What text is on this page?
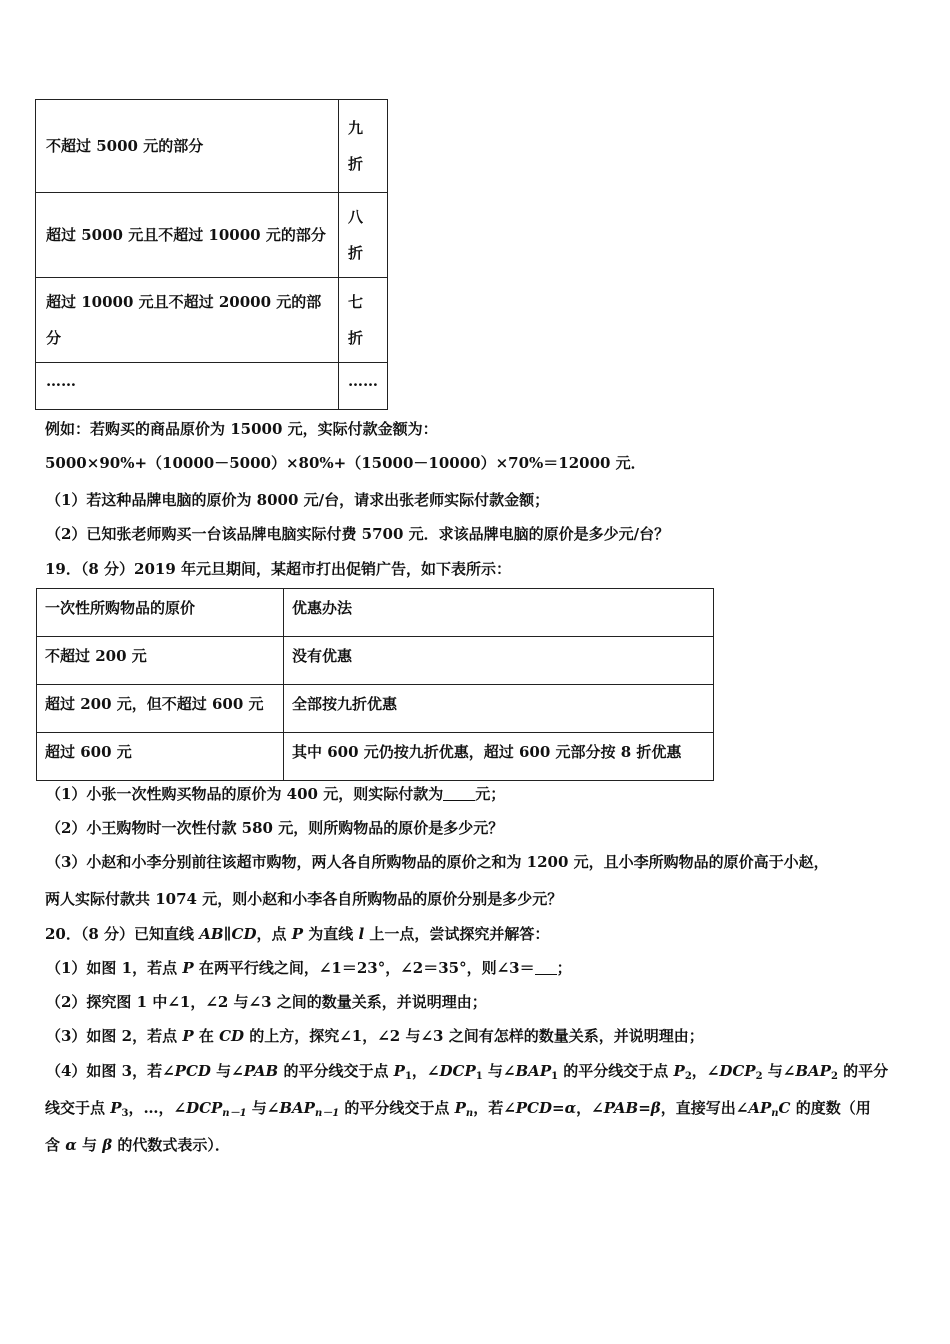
不超过 5000 元的部分	九折

超过 5000 元且不超过 10000 元的部分	八折

超过 10000 元且不超过 20000 元的部分	七折

……	……
例如：若购买的商品原价为 15000 元，实际付款金额为：
5000×90%+（10000－5000）×80%+（15000－10000）×70%＝12000 元．
（1）若这种品牌电脑的原价为 8000 元/台，请求出张老师实际付款金额；
（2）已知张老师购买一台该品牌电脑实际付费 5700 元．求该品牌电脑的原价是多少元/台？
19．（8 分）2019 年元旦期间，某超市打出促销广告，如下表所示：
一次性所购物品的原价	优惠办法
不超过 200 元	没有优惠
超过 200 元，但不超过 600 元	全部按九折优惠
超过 600 元	其中 600 元仍按九折优惠，超过 600 元部分按 8 折优惠
（1）小张一次性购买物品的原价为 400 元，则实际付款为 元；
（2）小王购物时一次性付款 580 元，则所购物品的原价是多少元？
（3）小赵和小李分别前往该超市购物，两人各自所购物品的原价之和为 1200 元，且小李所购物品的原价高于小赵，
两人实际付款共 1074 元，则小赵和小李各自所购物品的原价分别是多少元？
20．（8 分）已知直线 AB∥CD，点 P 为直线 l 上一点，尝试探究并解答：
（1）如图 1，若点 P 在两平行线之间，∠1＝23°，∠2＝35°，则∠3＝ ；
（2）探究图 1 中∠1，∠2 与∠3 之间的数量关系，并说明理由；
（3）如图 2，若点 P 在 CD 的上方，探究∠1，∠2 与∠3 之间有怎样的数量关系，并说明理由；
（4）如图 3，若∠PCD 与∠PAB 的平分线交于点 $P_1$，$\angle DCP_1$ 与$\angle BAP_1$ 的平分线交于点 $P_2$，$\angle DCP_2$ 与$\angle BAP_2$ 的平分
线交于点 $P_3$，…，$\angle DCP_{n-1}$ 与$\angle BAP_{n-1}$ 的平分线交于点 $P_n$，若∠PCD=α，∠PAB=β，直接写出$\angle AP_nC$ 的度数（用
含 α 与 β 的代数式表示）．
